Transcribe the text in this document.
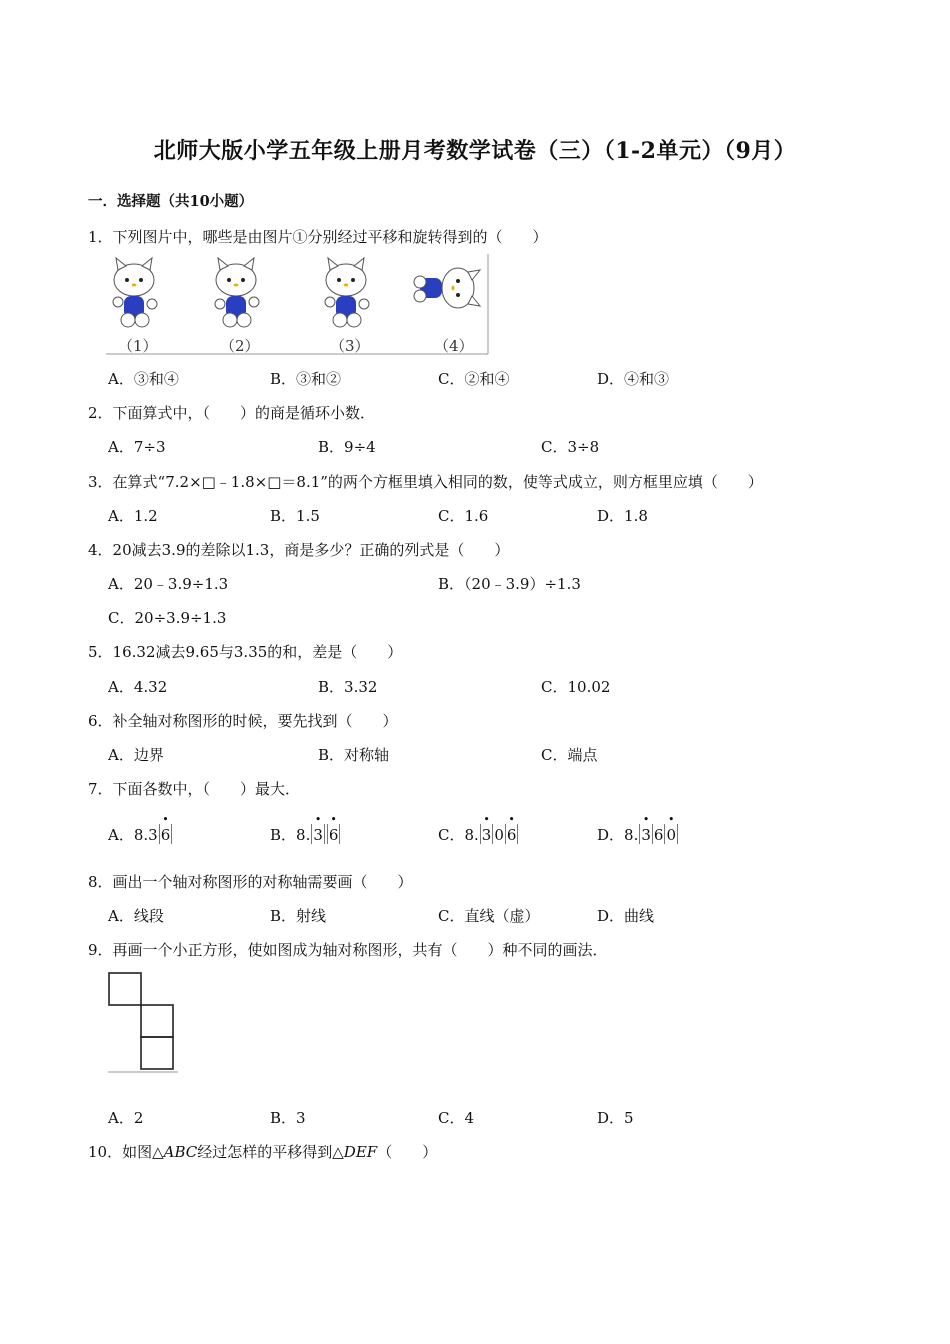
北师大版小学五年级上册月考数学试卷（三）（1-2单元）（9月）
一．选择题（共10小题）
1．下列图片中，哪些是由图片①分别经过平移和旋转得到的（　　）
（1）	（2）	（3）	（4）
A．③和④	B．③和②	C．②和④	D．④和③
2．下面算式中，（　　）的商是循环小数．
A．7÷3	B．9÷4	C．3÷8
3．在算式“7.2×□﹣1.8×□＝8.1”的两个方框里填入相同的数，使等式成立，则方框里应填（　　）
A．1.2	B．1.5	C．1.6	D．1.8
4．20减去3.9的差除以1.3，商是多少？正确的列式是（　　）
A．20﹣3.9÷1.3	B．（20﹣3.9）÷1.3
C．20÷3.9÷1.3
5．16.32减去9.65与3.35的和，差是（　　）
A．4.32	B．3.32	C．10.02
6．补全轴对称图形的时候，要先找到（　　）
A．边界	B．对称轴	C．端点
7．下面各数中，（　　）最大．
A．8.3
•
6	B．8.
•
3
•
6	C．8.
•
3 0
•
6	D．8.
•
3 6
•
0
8．画出一个轴对称图形的对称轴需要画（　　）
A．线段	B．射线	C．直线（虚）	D．曲线
9．再画一个小正方形，使如图成为轴对称图形，共有（　　）种不同的画法．
A．2	B．3	C．4	D．5
10．如图△ABC经过怎样的平移得到△DEF（　　）
